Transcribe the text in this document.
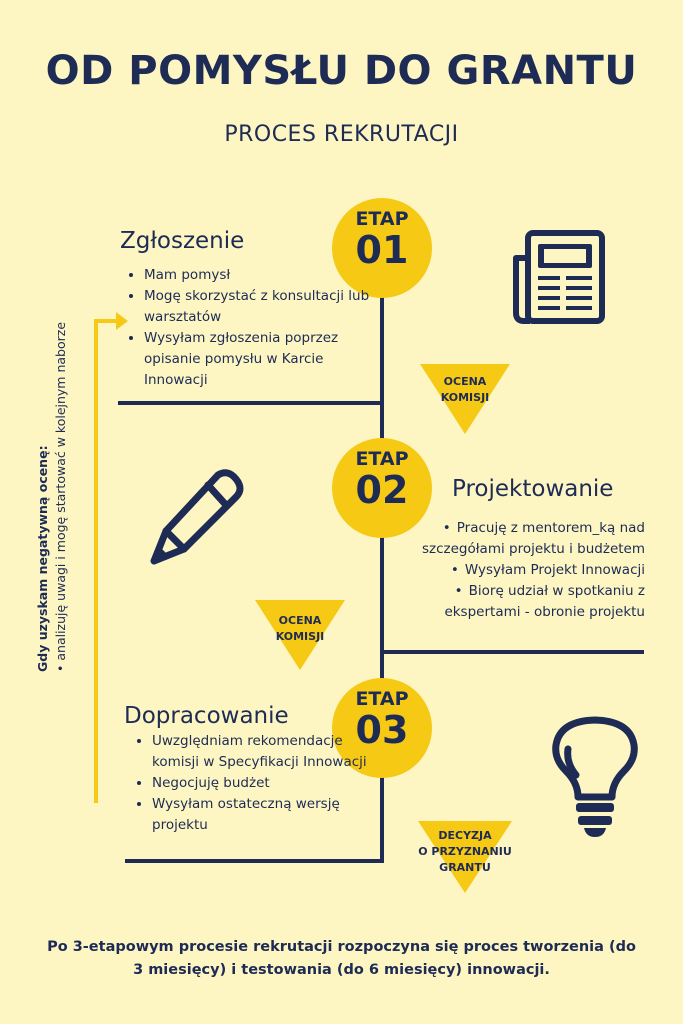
OD POMYSŁU DO GRANTU
PROCES REKRUTACJI
Gdy uzyskam negatywną ocenę: • analizuję uwagi i mogę startować w kolejnym naborze
ETAP
01
Zgłoszenie
• Mam pomysł
• Mogę skorzystać z konsultacji lub warsztatów
• Wysyłam zgłoszenia poprzez opisanie pomysłu w Karcie Innowacji	OCENA
KOMISJI
ETAP
02	Projektowanie
• Pracuję z mentorem_ką nad szczegółami projektu i budżetem
• Wysyłam Projekt Innowacji
• Biorę udział w spotkaniu z ekspertami - obronie projektu
OCENA
KOMISJI
ETAP
03
Dopracowanie
• Uwzględniam rekomendacje komisji w Specyfikacji Innowacji
• Negocjuję budżet
• Wysyłam ostateczną wersję projektu
DECYZJA
O PRZYZNANIU
GRANTU
Po 3-etapowym procesie rekrutacji rozpoczyna się proces tworzenia (do 3 miesięcy) i testowania (do 6 miesięcy) innowacji.
